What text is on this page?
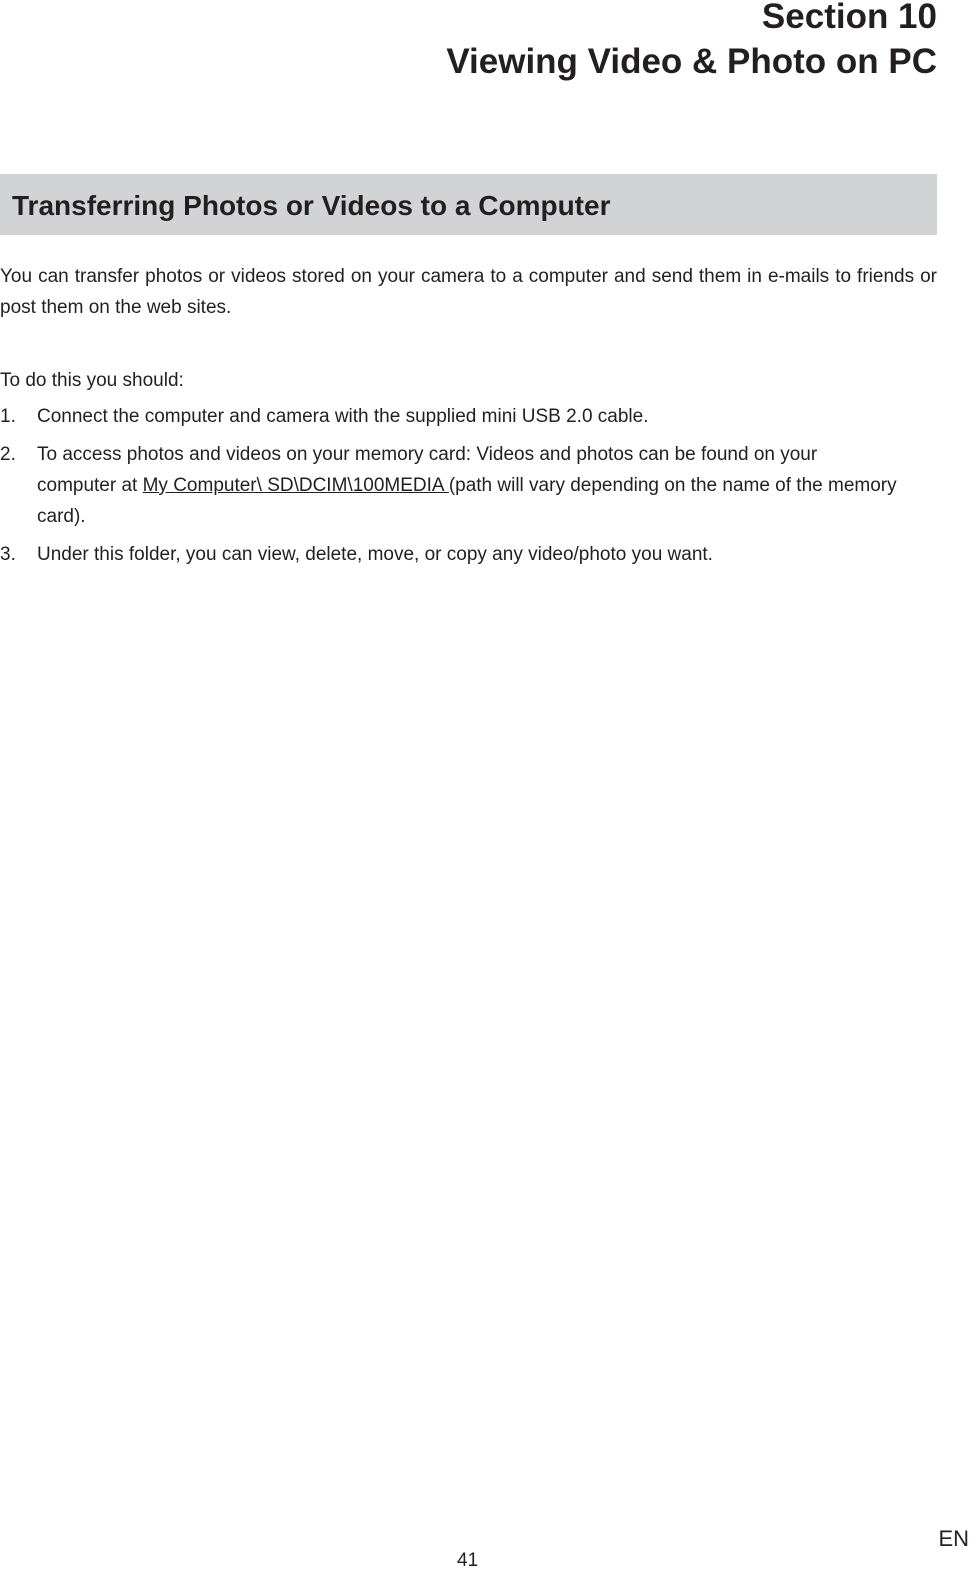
Section 10
Viewing Video & Photo on PC
Transferring Photos or Videos to a Computer

You can transfer photos or videos stored on your camera to a computer and send them in e-mails to friends or post them on the web sites.

To do this you should:
1. Connect the computer and camera with the supplied mini USB 2.0 cable.
2. To access photos and videos on your memory card: Videos and photos can be found on your computer at My Computer\ SD\DCIM\100MEDIA (path will vary depending on the name of the memory card).
3. Under this folder, you can view, delete, move, or copy any video/photo you want.
EN
41
